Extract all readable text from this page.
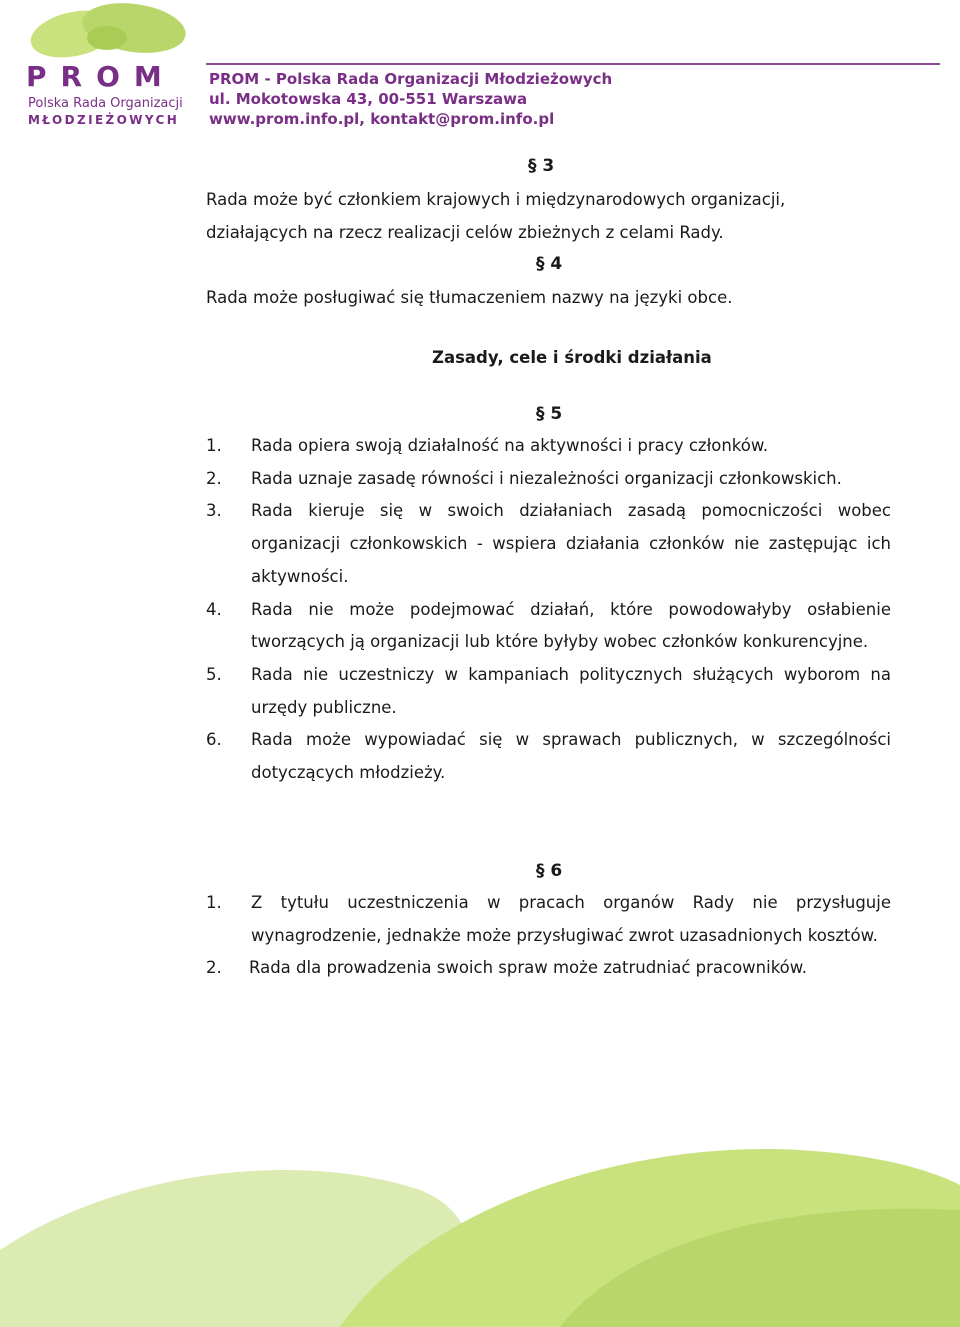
PROM
Polska Rada Organizacji
MŁODZIEŻOWYCH
PROM - Polska Rada Organizacji Młodzieżowych
ul. Mokotowska 43, 00-551 Warszawa
www.prom.info.pl, kontakt@prom.info.pl
§ 3
Rada może być członkiem krajowych i międzynarodowych organizacji,
działających na rzecz realizacji celów zbieżnych z celami Rady.
§ 4
Rada może posługiwać się tłumaczeniem nazwy na języki obce.
Zasady, cele i środki działania
§ 5
1. Rada opiera swoją działalność na aktywności i pracy członków.
2. Rada uznaje zasadę równości i niezależności organizacji członkowskich.
3. Rada kieruje się w swoich działaniach zasadą pomocniczości wobec organizacji członkowskich - wspiera działania członków nie zastępując ich aktywności.
4. Rada nie może podejmować działań, które powodowałyby osłabienie tworzących ją organizacji lub które byłyby wobec członków konkurencyjne.
5. Rada nie uczestniczy w kampaniach politycznych służących wyborom na urzędy publiczne.
6. Rada może wypowiadać się w sprawach publicznych, w szczególności dotyczących młodzieży.
§ 6
1. Z tytułu uczestniczenia w pracach organów Rady nie przysługuje wynagrodzenie, jednakże może przysługiwać zwrot uzasadnionych kosztów.
2. Rada dla prowadzenia swoich spraw może zatrudniać pracowników.
